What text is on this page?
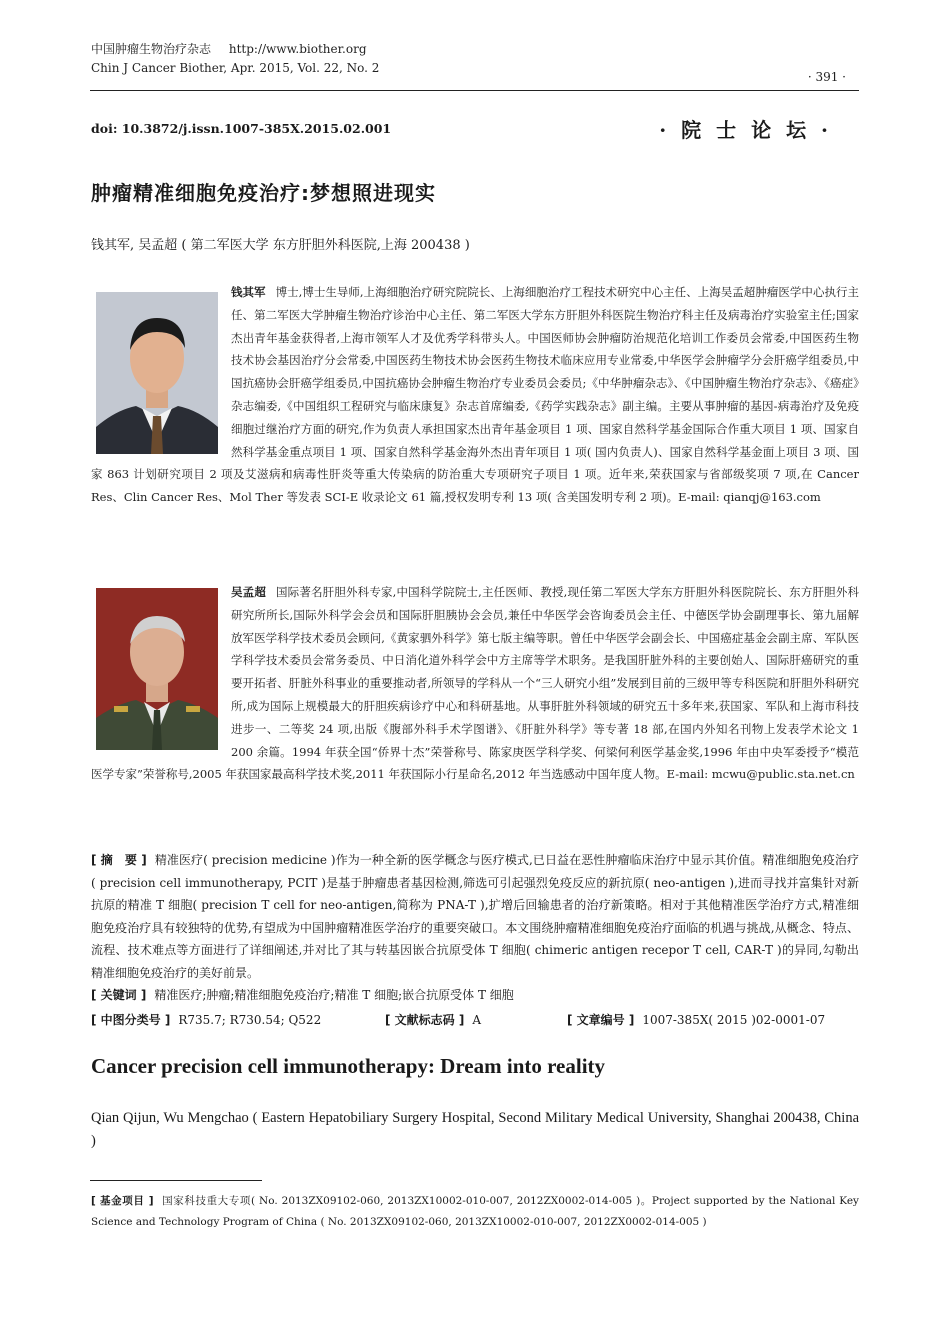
中国肿瘤生物治疗杂志 http://www.biother.org
Chin J Cancer Biother, Apr. 2015, Vol. 22, No. 2
· 391 ·
doi: 10.3872/j.issn.1007-385X.2015.02.001	· 院 士 论 坛 ·
肿瘤精准细胞免疫治疗:梦想照进现实
钱其军, 吴孟超 ( 第二军医大学 东方肝胆外科医院,上海 200438 )
钱其军 博士,博士生导师,上海细胞治疗研究院院长、上海细胞治疗工程技术研究中心主任、上海吴孟超肿瘤医学中心执行主任、第二军医大学肿瘤生物治疗诊治中心主任、第二军医大学东方肝胆外科医院生物治疗科主任及病毒治疗实验室主任;国家杰出青年基金获得者,上海市领军人才及优秀学科带头人。中国医师协会肿瘤防治规范化培训工作委员会常委,中国医药生物技术协会基因治疗分会常委,中国医药生物技术协会医药生物技术临床应用专业常委,中华医学会肿瘤学分会肝癌学组委员,中国抗癌协会肝癌学组委员,中国抗癌协会肿瘤生物治疗专业委员会委员;《中华肿瘤杂志》、《中国肿瘤生物治疗杂志》、《癌症》杂志编委,《中国组织工程研究与临床康复》杂志首席编委,《药学实践杂志》副主编。主要从事肿瘤的基因-病毒治疗及免疫细胞过继治疗方面的研究,作为负责人承担国家杰出青年基金项目 1 项、国家自然科学基金国际合作重大项目 1 项、国家自然科学基金重点项目 1 项、国家自然科学基金海外杰出青年项目 1 项( 国内负责人)、国家自然科学基金面上项目 3 项、国家 863 计划研究项目 2 项及艾滋病和病毒性肝炎等重大传染病的防治重大专项研究子项目 1 项。近年来,荣获国家与省部级奖项 7 项,在 Cancer Res、Clin Cancer Res、Mol Ther 等发表 SCI-E 收录论文 61 篇,授权发明专利 13 项( 含美国发明专利 2 项)。E-mail: qianqj@163.com
吴孟超 国际著名肝胆外科专家,中国科学院院士,主任医师、教授,现任第二军医大学东方肝胆外科医院院长、东方肝胆外科研究所所长,国际外科学会会员和国际肝胆胰协会会员,兼任中华医学会咨询委员会主任、中德医学协会副理事长、第九届解放军医学科学技术委员会顾问,《黄家驷外科学》第七版主编等职。曾任中华医学会副会长、中国癌症基金会副主席、军队医学科学技术委员会常务委员、中日消化道外科学会中方主席等学术职务。是我国肝脏外科的主要创始人、国际肝癌研究的重要开拓者、肝脏外科事业的重要推动者,所领导的学科从一个“三人研究小组”发展到目前的三级甲等专科医院和肝胆外科研究所,成为国际上规模最大的肝胆疾病诊疗中心和科研基地。从事肝脏外科领域的研究五十多年来,获国家、军队和上海市科技进步一、二等奖 24 项,出版《腹部外科手术学图谱》、《肝脏外科学》等专著 18 部,在国内外知名刊物上发表学术论文 1 200 余篇。1994 年获全国“侨界十杰”荣誉称号、陈家庚医学科学奖、何梁何利医学基金奖,1996 年由中央军委授予“模范医学专家”荣誉称号,2005 年获国家最高科学技术奖,2011 年获国际小行星命名,2012 年当选感动中国年度人物。E-mail: mcwu@public.sta.net.cn
[ 摘　要 ] 精准医疗( precision medicine )作为一种全新的医学概念与医疗模式,已日益在恶性肿瘤临床治疗中显示其价值。精准细胞免疫治疗( precision cell immunotherapy, PCIT )是基于肿瘤患者基因检测,筛选可引起强烈免疫反应的新抗原( neo-antigen ),进而寻找并富集针对新抗原的精准 T 细胞( precision T cell for neo-antigen,简称为 PNA-T ),扩增后回输患者的治疗新策略。相对于其他精准医学治疗方式,精准细胞免疫治疗具有较独特的优势,有望成为中国肿瘤精准医学治疗的重要突破口。本文围绕肿瘤精准细胞免疫治疗面临的机遇与挑战,从概念、特点、流程、技术难点等方面进行了详细阐述,并对比了其与转基因嵌合抗原受体 T 细胞( chimeric antigen recepor T cell, CAR-T )的异同,勾勒出精准细胞免疫治疗的美好前景。
[ 关键词 ] 精准医疗;肿瘤;精准细胞免疫治疗;精准 T 细胞;嵌合抗原受体 T 细胞
[ 中图分类号 ] R735.7; R730.54; Q522	[ 文献标志码 ] A	[ 文章编号 ] 1007-385X( 2015 )02-0001-07
Cancer precision cell immunotherapy: Dream into reality
Qian Qijun, Wu Mengchao ( Eastern Hepatobiliary Surgery Hospital, Second Military Medical University, Shanghai 200438, China )
[ 基金项目 ] 国家科技重大专项( No. 2013ZX09102-060, 2013ZX10002-010-007, 2012ZX0002-014-005 )。Project supported by the National Key Science and Technology Program of China ( No. 2013ZX09102-060, 2013ZX10002-010-007, 2012ZX0002-014-005 )
